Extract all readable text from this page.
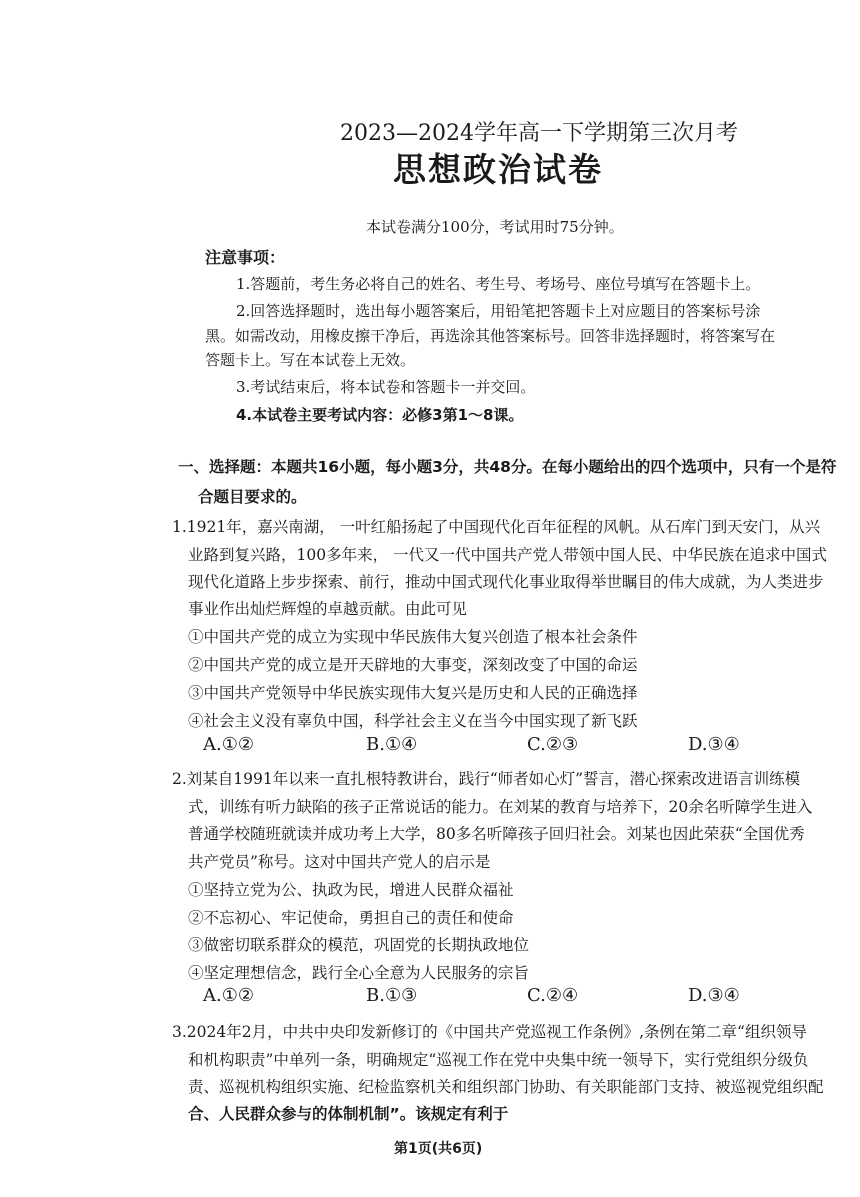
2023—2024学年高一下学期第三次月考
思想政治试卷
本试卷满分100分，考试用时75分钟。
注意事项：
1.答题前，考生务必将自己的姓名、考生号、考场号、座位号填写在答题卡上。
2.回答选择题时，选出每小题答案后，用铅笔把答题卡上对应题目的答案标号涂
黑。如需改动，用橡皮擦干净后，再选涂其他答案标号。回答非选择题时，将答案写在
答题卡上。写在本试卷上无效。
3.考试结束后，将本试卷和答题卡一并交回。
4.本试卷主要考试内容：必修3第1～8课。
一、选择题：本题共16小题，每小题3分，共48分。在每小题给出的四个选项中，只有一个是符
合题目要求的。
1.1921年，嘉兴南湖， 一叶红船扬起了中国现代化百年征程的风帆。从石库门到天安门，从兴
业路到复兴路，100多年来， 一代又一代中国共产党人带领中国人民、中华民族在追求中国式
现代化道路上步步探索、前行，推动中国式现代化事业取得举世瞩目的伟大成就，为人类进步
事业作出灿烂辉煌的卓越贡献。由此可见
①中国共产党的成立为实现中华民族伟大复兴创造了根本社会条件
②中国共产党的成立是开天辟地的大事变，深刻改变了中国的命运
③中国共产党领导中华民族实现伟大复兴是历史和人民的正确选择
④社会主义没有辜负中国，科学社会主义在当今中国实现了新飞跃
A.①②	B.①④	C.②③	D.③④
2.刘某自1991年以来一直扎根特教讲台，践行“师者如心灯”誓言，潜心探索改进语言训练模
式，训练有听力缺陷的孩子正常说话的能力。在刘某的教育与培养下，20余名听障学生进入
普通学校随班就读并成功考上大学，80多名听障孩子回归社会。刘某也因此荣获“全国优秀
共产党员”称号。这对中国共产党人的启示是
①坚持立党为公、执政为民，增进人民群众福祉
②不忘初心、牢记使命，勇担自己的责任和使命
③做密切联系群众的模范，巩固党的长期执政地位
④坚定理想信念，践行全心全意为人民服务的宗旨
A.①②	B.①③	C.②④	D.③④
3.2024年2月，中共中央印发新修订的《中国共产党巡视工作条例》,条例在第二章“组织领导
和机构职责”中单列一条，明确规定“巡视工作在党中央集中统一领导下，实行党组织分级负
责、巡视机构组织实施、纪检监察机关和组织部门协助、有关职能部门支持、被巡视党组织配
合、人民群众参与的体制机制”。该规定有利于
第1页(共6页)
